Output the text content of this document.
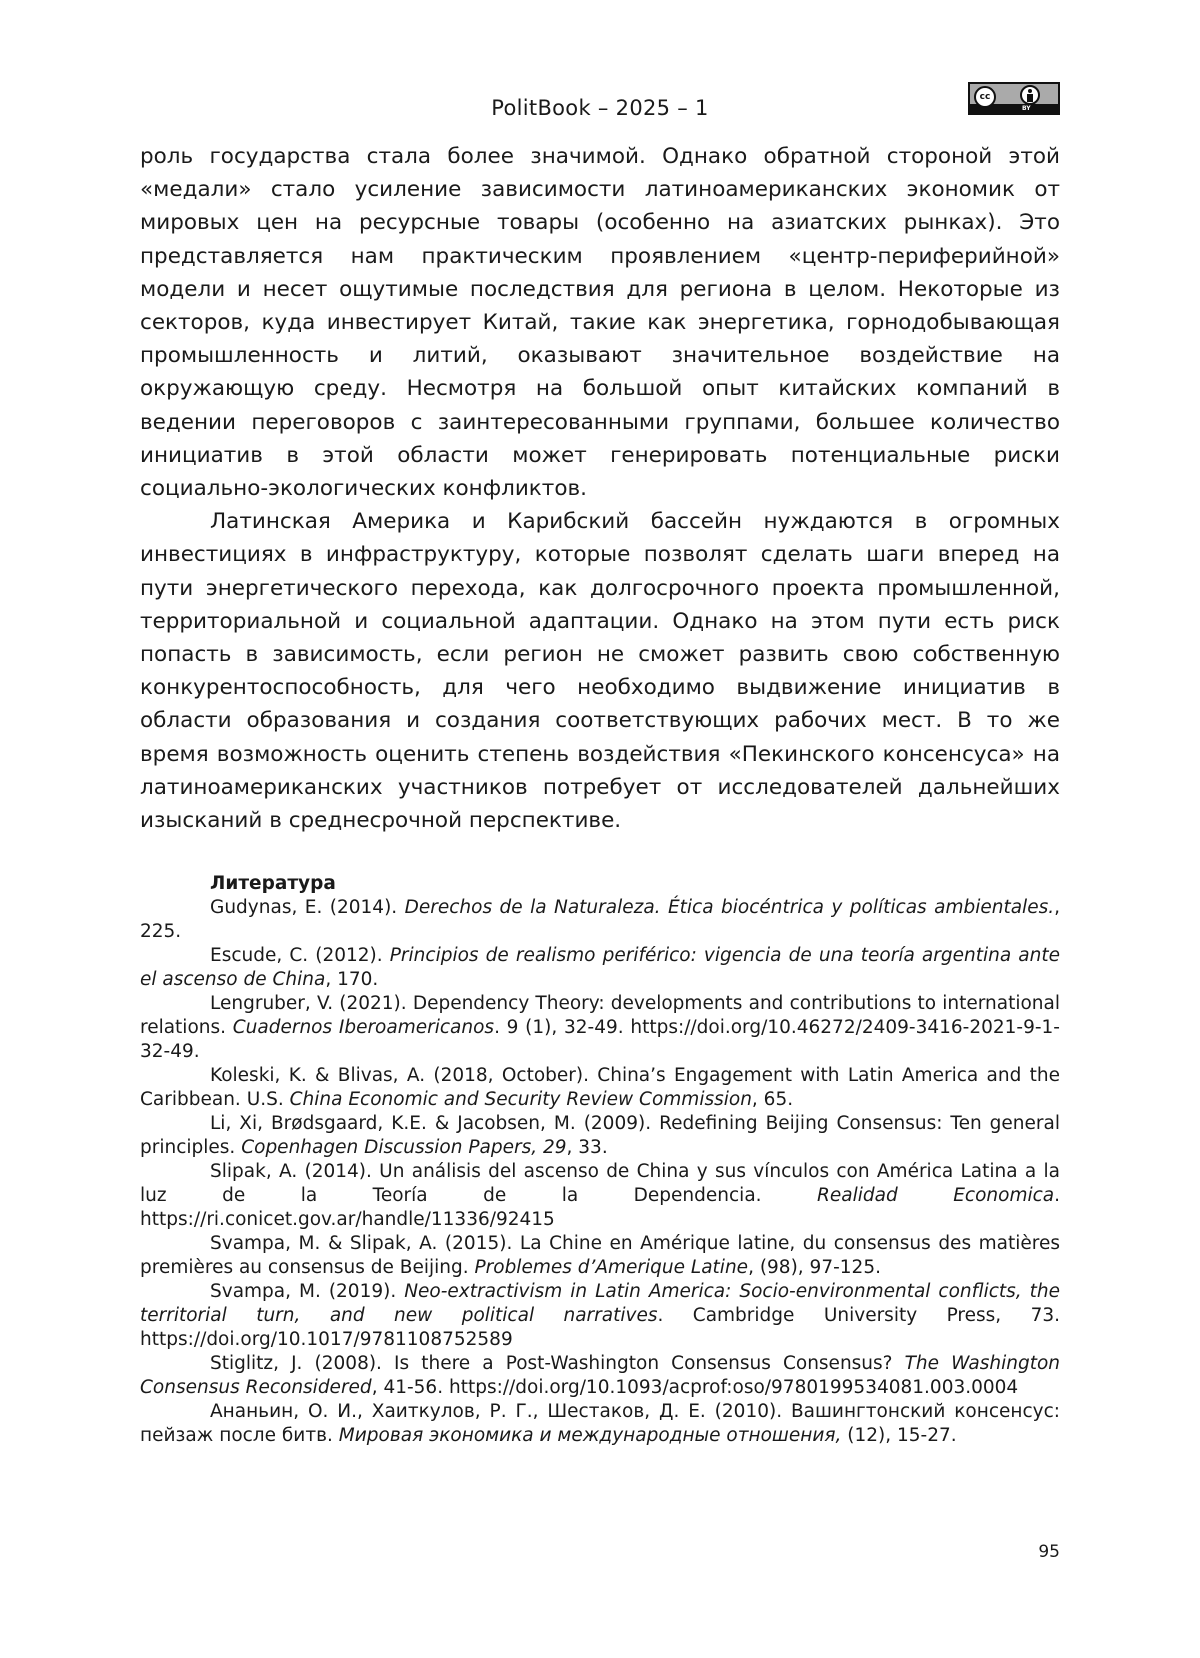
PolitBook – 2025 – 1	cc
BY

роль государства стала более значимой. Однако обратной стороной этой «медали» стало усиление зависимости латиноамериканских экономик от мировых цен на ресурсные товары (особенно на азиатских рынках). Это представляется нам практическим проявлением «центр-периферийной» модели и несет ощутимые последствия для региона в целом. Некоторые из секторов, куда инвестирует Китай, такие как энергетика, горнодобывающая промышленность и литий, оказывают значительное воздействие на окружающую среду. Несмотря на большой опыт китайских компаний в ведении переговоров с заинтересованными группами, большее количество инициатив в этой области может генерировать потенциальные риски социально-экологических конфликтов.

Латинская Америка и Карибский бассейн нуждаются в огромных инвестициях в инфраструктуру, которые позволят сделать шаги вперед на пути энергетического перехода, как долгосрочного проекта промышленной, территориальной и социальной адаптации. Однако на этом пути есть риск попасть в зависимость, если регион не сможет развить свою собственную конкурентоспособность, для чего необходимо выдвижение инициатив в области образования и создания соответствующих рабочих мест. В то же время возможность оценить степень воздействия «Пекинского консенсуса» на латиноамериканских участников потребует от исследователей дальнейших изысканий в среднесрочной перспективе.

Литература

Gudynas, E. (2014). Derechos de la Naturaleza. Ética biocéntrica y políticas ambientales., 225.

Escude, C. (2012). Principios de realismo periférico: vigencia de una teoría argentina ante el ascenso de China, 170.

Lengruber, V. (2021). Dependency Theory: developments and contributions to international relations. Cuadernos Iberoamericanos. 9 (1), 32-49. https://doi.org/10.46272/2409-3416-2021-9-1-32-49.

Koleski, K. & Blivas, A. (2018, October). China’s Engagement with Latin America and the Caribbean. U.S. China Economic and Security Review Commission, 65.

Li, Xi, Brødsgaard, K.E. & Jacobsen, M. (2009). Redefining Beijing Consensus: Ten general principles. Copenhagen Discussion Papers, 29, 33.

Slipak, A. (2014). Un análisis del ascenso de China y sus vínculos con América Latina a la luz de la Teoría de la Dependencia. Realidad Economica. https://ri.conicet.gov.ar/handle/11336/92415

Svampa, M. & Slipak, A. (2015). La Chine en Amérique latine, du consensus des matières premières au consensus de Beijing. Problemes d’Amerique Latine, (98), 97-125.

Svampa, M. (2019). Neo-extractivism in Latin America: Socio-environmental conflicts, the territorial turn, and new political narratives. Cambridge University Press, 73. https://doi.org/10.1017/9781108752589

Stiglitz, J. (2008). Is there a Post-Washington Consensus Consensus? The Washington Consensus Reconsidered, 41-56. https://doi.org/10.1093/acprof:oso/9780199534081.003.0004

Ананьин, О. И., Хаиткулов, Р. Г., Шестаков, Д. Е. (2010). Вашингтонский консенсус: пейзаж после битв. Мировая экономика и международные отношения, (12), 15-27.

95
